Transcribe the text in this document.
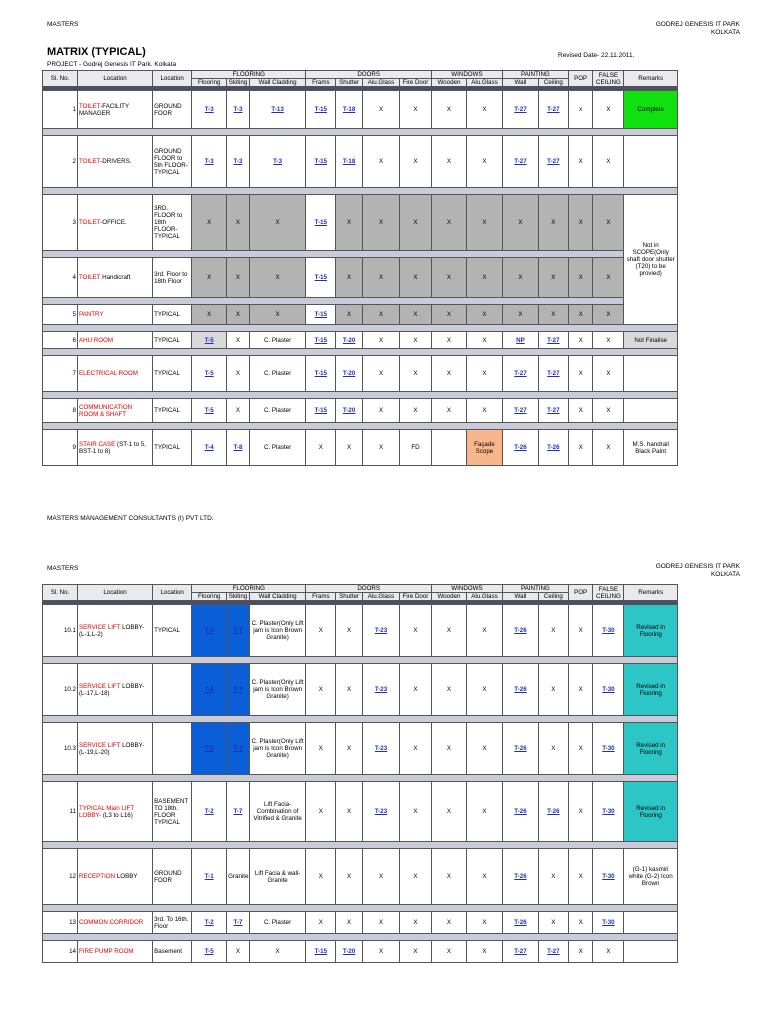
MASTERS	GODREJ GENESIS IT PARK
KOLKATA
MATRIX (TYPICAL)	Revised Date- 22.11.2011.
PROJECT - Godrej Genesis IT Park. Kolkata
Sl. No.	Location	Location	FLOORING			DOORS				WINDOWS		PAINTING		POP	FALSE CEILING	Remarks
			Flooring	Skiting	Wall Cladding	Frams	Shutter	Alu.Glass	Fire Door	Wooden	Alu.Glass	Wall	Ceiling			

1	TOILET-FACILITY MANAGER	GROUND FOOR	T-3	T-3	T-13	T-15	T-18	X	X	X	X	T-27	T-27	x	X	Complete

2	TOILET-DRIVERS.	GROUND FLOOR to 5th FLOOR-TYPICAL	T-3	T-3	T-3	T-15	T-18	X	X	X	X	T-27	T-27	X	X	

3	TOILET-OFFICE.	3RD. FLOOR to 18th FLOOR-TYPICAL	X	X	X	T-15	X	X	X	X	X	X	X	X	X	Not in SCOPE(Only shaft door shutter (T20) to be provied)

4	TOILET Handicraft	3rd. Floor to 18th Floor	X	X	X	T-15	X	X	X	X	X	X	X	X	X	

5	PANTRY	TYPICAL	X	X	X	T-15	X	X	X	X	X	X	X	X	X	

6	AHU ROOM	TYPICAL	T-5	X	C. Plaster	T-15	T-20	X	X	X	X	NP	T-27	X	X	Not Finalise

7	ELECTRICAL ROOM	TYPICAL	T-5	X	C. Plaster	T-15	T-20	X	X	X	X	T-27	T-27	X	X	

8	COMMUNICATION ROOM & SHAFT	TYPICAL	T-5	X	C. Plaster	T-15	T-20	X	X	X	X	T-27	T-27	X	X	

9	STAIR CASE (ST-1 to 5, BST-1 to 8)	TYPICAL	T-4	T-8	C. Plaster	X	X	X	FD		Façade Scope	T-26	T-26	X	X	M.S. handrail Black Paint
MASTERS MANAGEMENT CONSULTANTS (I) PVT LTD.
MASTERS	GODREJ GENESIS IT PARK
KOLKATA
Sl. No.	Location	Location	FLOORING			DOORS				WINDOWS		PAINTING		POP	FALSE CEILING	Remarks
			Flooring	Skiting	Wall Cladding	Frams	Shutter	Alu.Glass	Fire Door	Wooden	Alu.Glass	Wall	Ceiling			

10.1	SERVICE LIFT LOBBY-(L-1,L-2)	TYPICAL	T-1	T-7	C. Plaster(Only Lift jam is Icon Brown Granite)	X	X	T-23	X	X	X	T-26	X	X	T-30	Revised in Flooring

10.2	SERVICE LIFT LOBBY-(L-17,L-18)		T-2	T-7	C. Plaster(Only Lift jam is Icon Brown Granite)	X	X	T-23	X	X	X	T-26	X	X	T-30	Revised in Flooring

10.3	SERVICE LIFT LOBBY-(L-19,L-20)		T-2	T-7	C. Plaster(Only Lift jam is Icon Brown Granite)	X	X	T-23	X	X	X	T-26	X	X	T-30	Revised in Flooring

11	TYPICAL Main LIFT LOBBY- (L3 to L16)	BASEMENT TO 18th. FLOOR TYPICAL	T-2	T-7	Lift Facia-Combination of Vitrified & Granite	X	X	T-23	X	X	X	T-26	T-26	X	T-30	Revised in Flooring

12	RECEPTION LOBBY	GROUND FOOR	T-1	Granite	Lift Facia & wall-Granite	X	X	X	X	X	X	T-26	X	X	T-30	(G-1) kasmiri white (G-2) Icon Brown

13	COMMON CORRIDOR	3rd. To 16th. Floor	T-2	T-7	C. Plaster	X	X	X	X	X	X	T-26	X	X	T-30	

14	FIRE PUMP ROOM	Basement	T-5	X	X	T-15	T-20	X	X	X	X	T-27	T-27	X	X	
